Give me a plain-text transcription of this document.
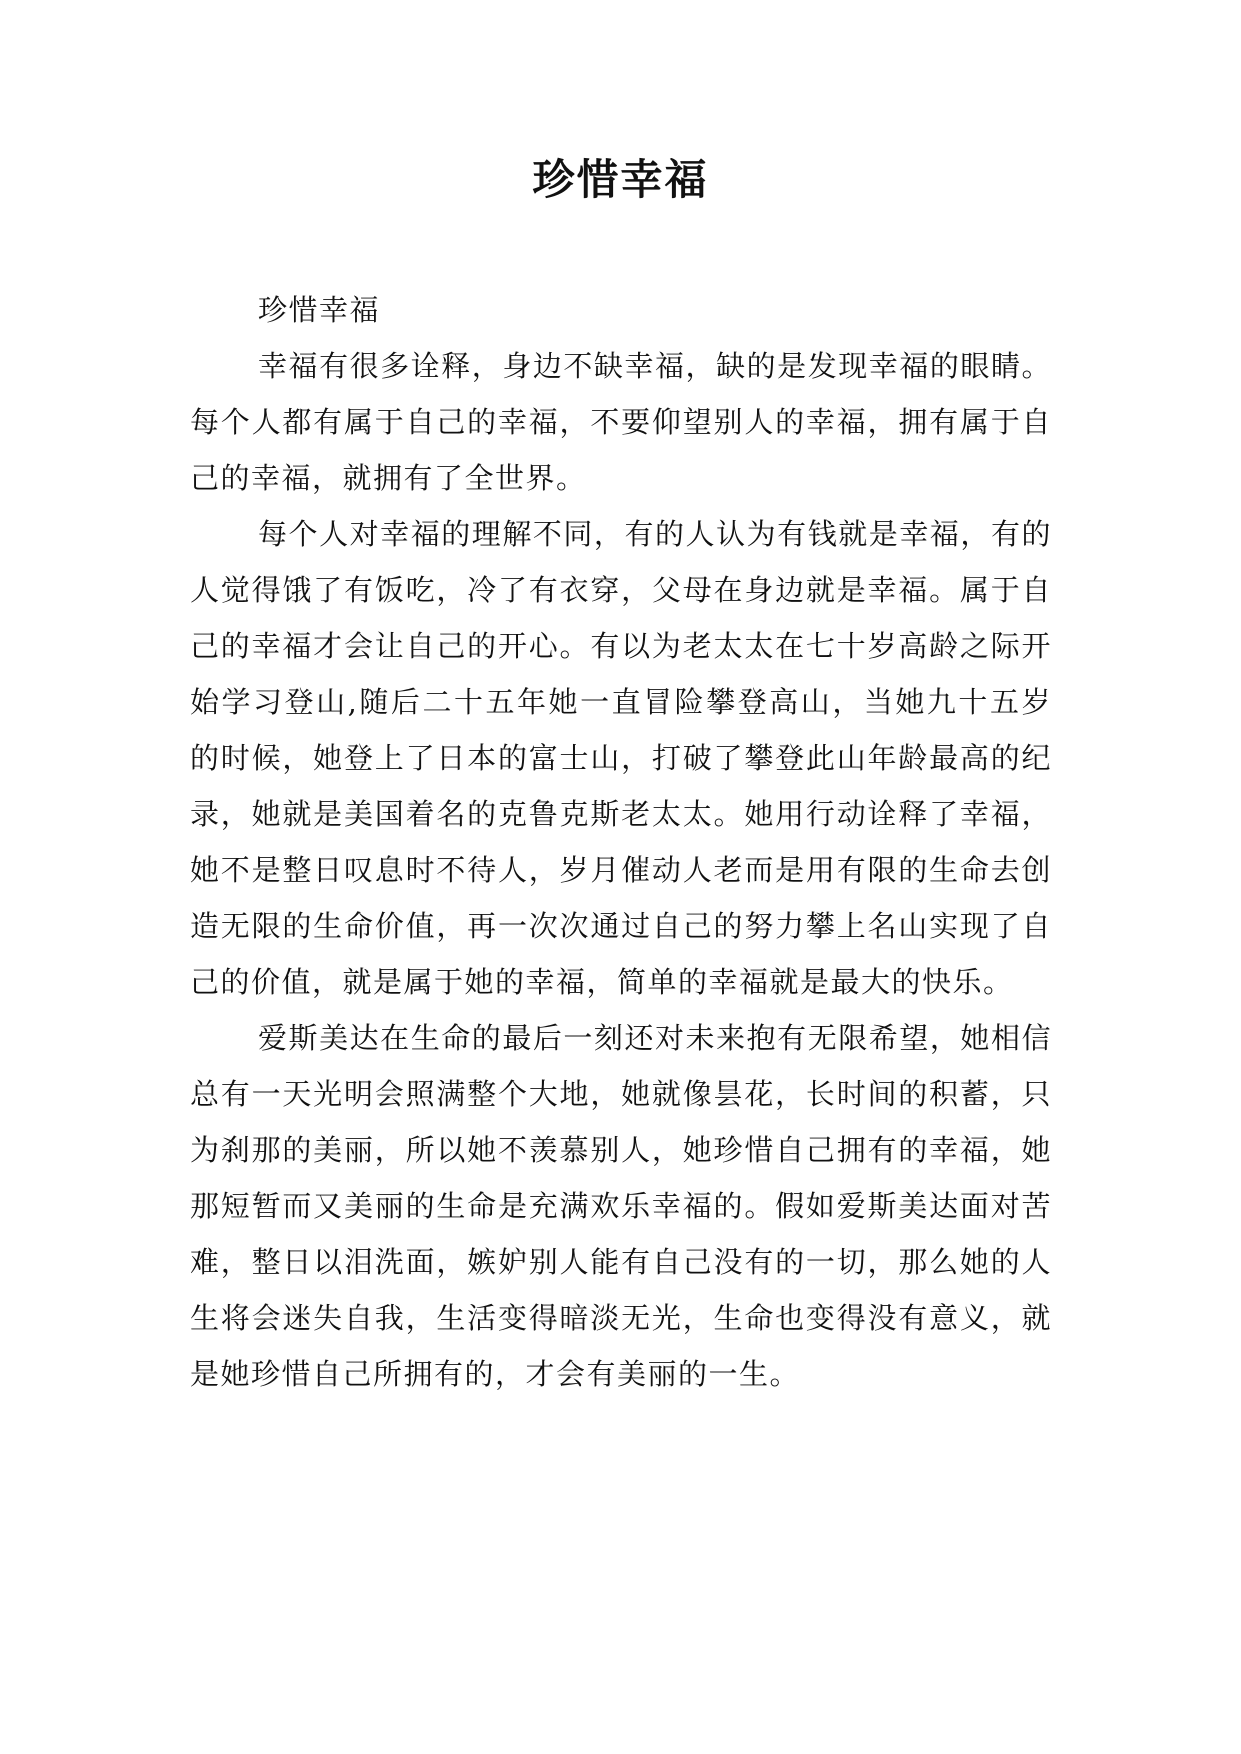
珍惜幸福

珍惜幸福

幸福有很多诠释，身边不缺幸福，缺的是发现幸福的眼睛。每个人都有属于自己的幸福，不要仰望别人的幸福，拥有属于自己的幸福，就拥有了全世界。

每个人对幸福的理解不同，有的人认为有钱就是幸福，有的人觉得饿了有饭吃，冷了有衣穿，父母在身边就是幸福。属于自己的幸福才会让自己的开心。有以为老太太在七十岁高龄之际开始学习登山,随后二十五年她一直冒险攀登高山，当她九十五岁的时候，她登上了日本的富士山，打破了攀登此山年龄最高的纪录，她就是美国着名的克鲁克斯老太太。她用行动诠释了幸福，她不是整日叹息时不待人，岁月催动人老而是用有限的生命去创造无限的生命价值，再一次次通过自己的努力攀上名山实现了自己的价值，就是属于她的幸福，简单的幸福就是最大的快乐。

爱斯美达在生命的最后一刻还对未来抱有无限希望，她相信总有一天光明会照满整个大地，她就像昙花，长时间的积蓄，只为刹那的美丽，所以她不羡慕别人，她珍惜自己拥有的幸福，她那短暂而又美丽的生命是充满欢乐幸福的。假如爱斯美达面对苦难，整日以泪洗面，嫉妒别人能有自己没有的一切，那么她的人生将会迷失自我，生活变得暗淡无光，生命也变得没有意义，就是她珍惜自己所拥有的，才会有美丽的一生。
